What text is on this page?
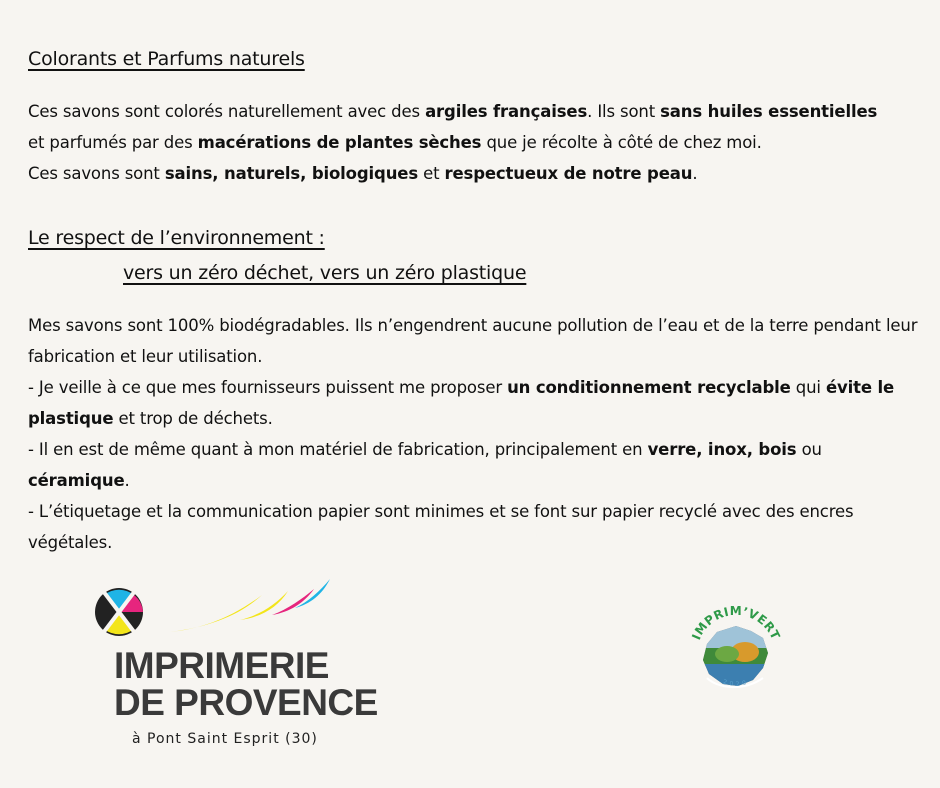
Colorants et Parfums naturels

Ces savons sont colorés naturellement avec des argiles françaises. Ils sont sans huiles essentielles

et parfumés par des macérations de plantes sèches que je récolte à côté de chez moi.

Ces savons sont sains, naturels, biologiques et respectueux de notre peau.

Le respect de l’environnement :
vers un zéro déchet, vers un zéro plastique

Mes savons sont 100% biodégradables. Ils n’engendrent aucune pollution de l’eau et de la terre pendant leur fabrication et leur utilisation.

- Je veille à ce que mes fournisseurs puissent me proposer un conditionnement recyclable qui évite le plastique et trop de déchets.

- Il en est de même quant à mon matériel de fabrication, principalement en verre, inox, bois ou céramique.

- L’étiquetage et la communication papier sont minimes et se font sur papier recyclé avec des encres végétales.

IMPRIMERIE
DE PROVENCE
à Pont Saint Esprit (30)
IMPRIM’VERT
2020
